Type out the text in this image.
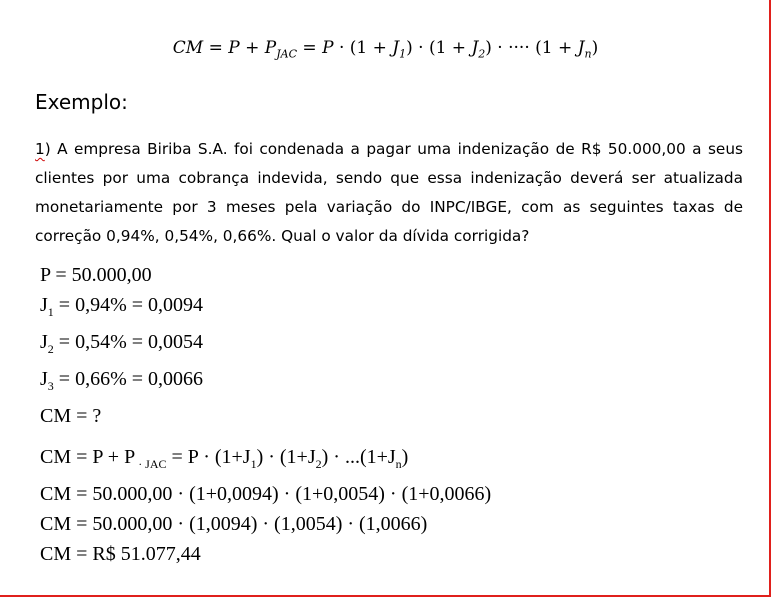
CM = $P + P_{JAC} = P \cdot (1 + J_1) \cdot (1 + J_2)$ · ···· $(1 + J_n)$
Exemplo:
1) A empresa Biriba S.A. foi condenada a pagar uma indenização de R$ 50.000,00 a seus clientes por uma cobrança indevida, sendo que essa indenização deverá ser atualizada monetariamente por 3 meses pela variação do INPC/IBGE, com as seguintes taxas de correção 0,94%, 0,54%, 0,66%. Qual o valor da dívida corrigida?
P = 50.000,00
$J_1 = 0,94\% = 0,0094$
$J_2 = 0,54\% = 0,0054$
$J_3 = 0,66\% = 0,0066$
CM = ?
CM = P + P $_{\cdot JAC} = P \cdot (1+J_1) \cdot (1+J_2) \cdot ...(1+J_n)$
CM = 50.000,00 · (1+0,0094) · (1+0,0054) · (1+0,0066)
CM = 50.000,00 · (1,0094) · (1,0054) · (1,0066)
CM = R$ 51.077,44
